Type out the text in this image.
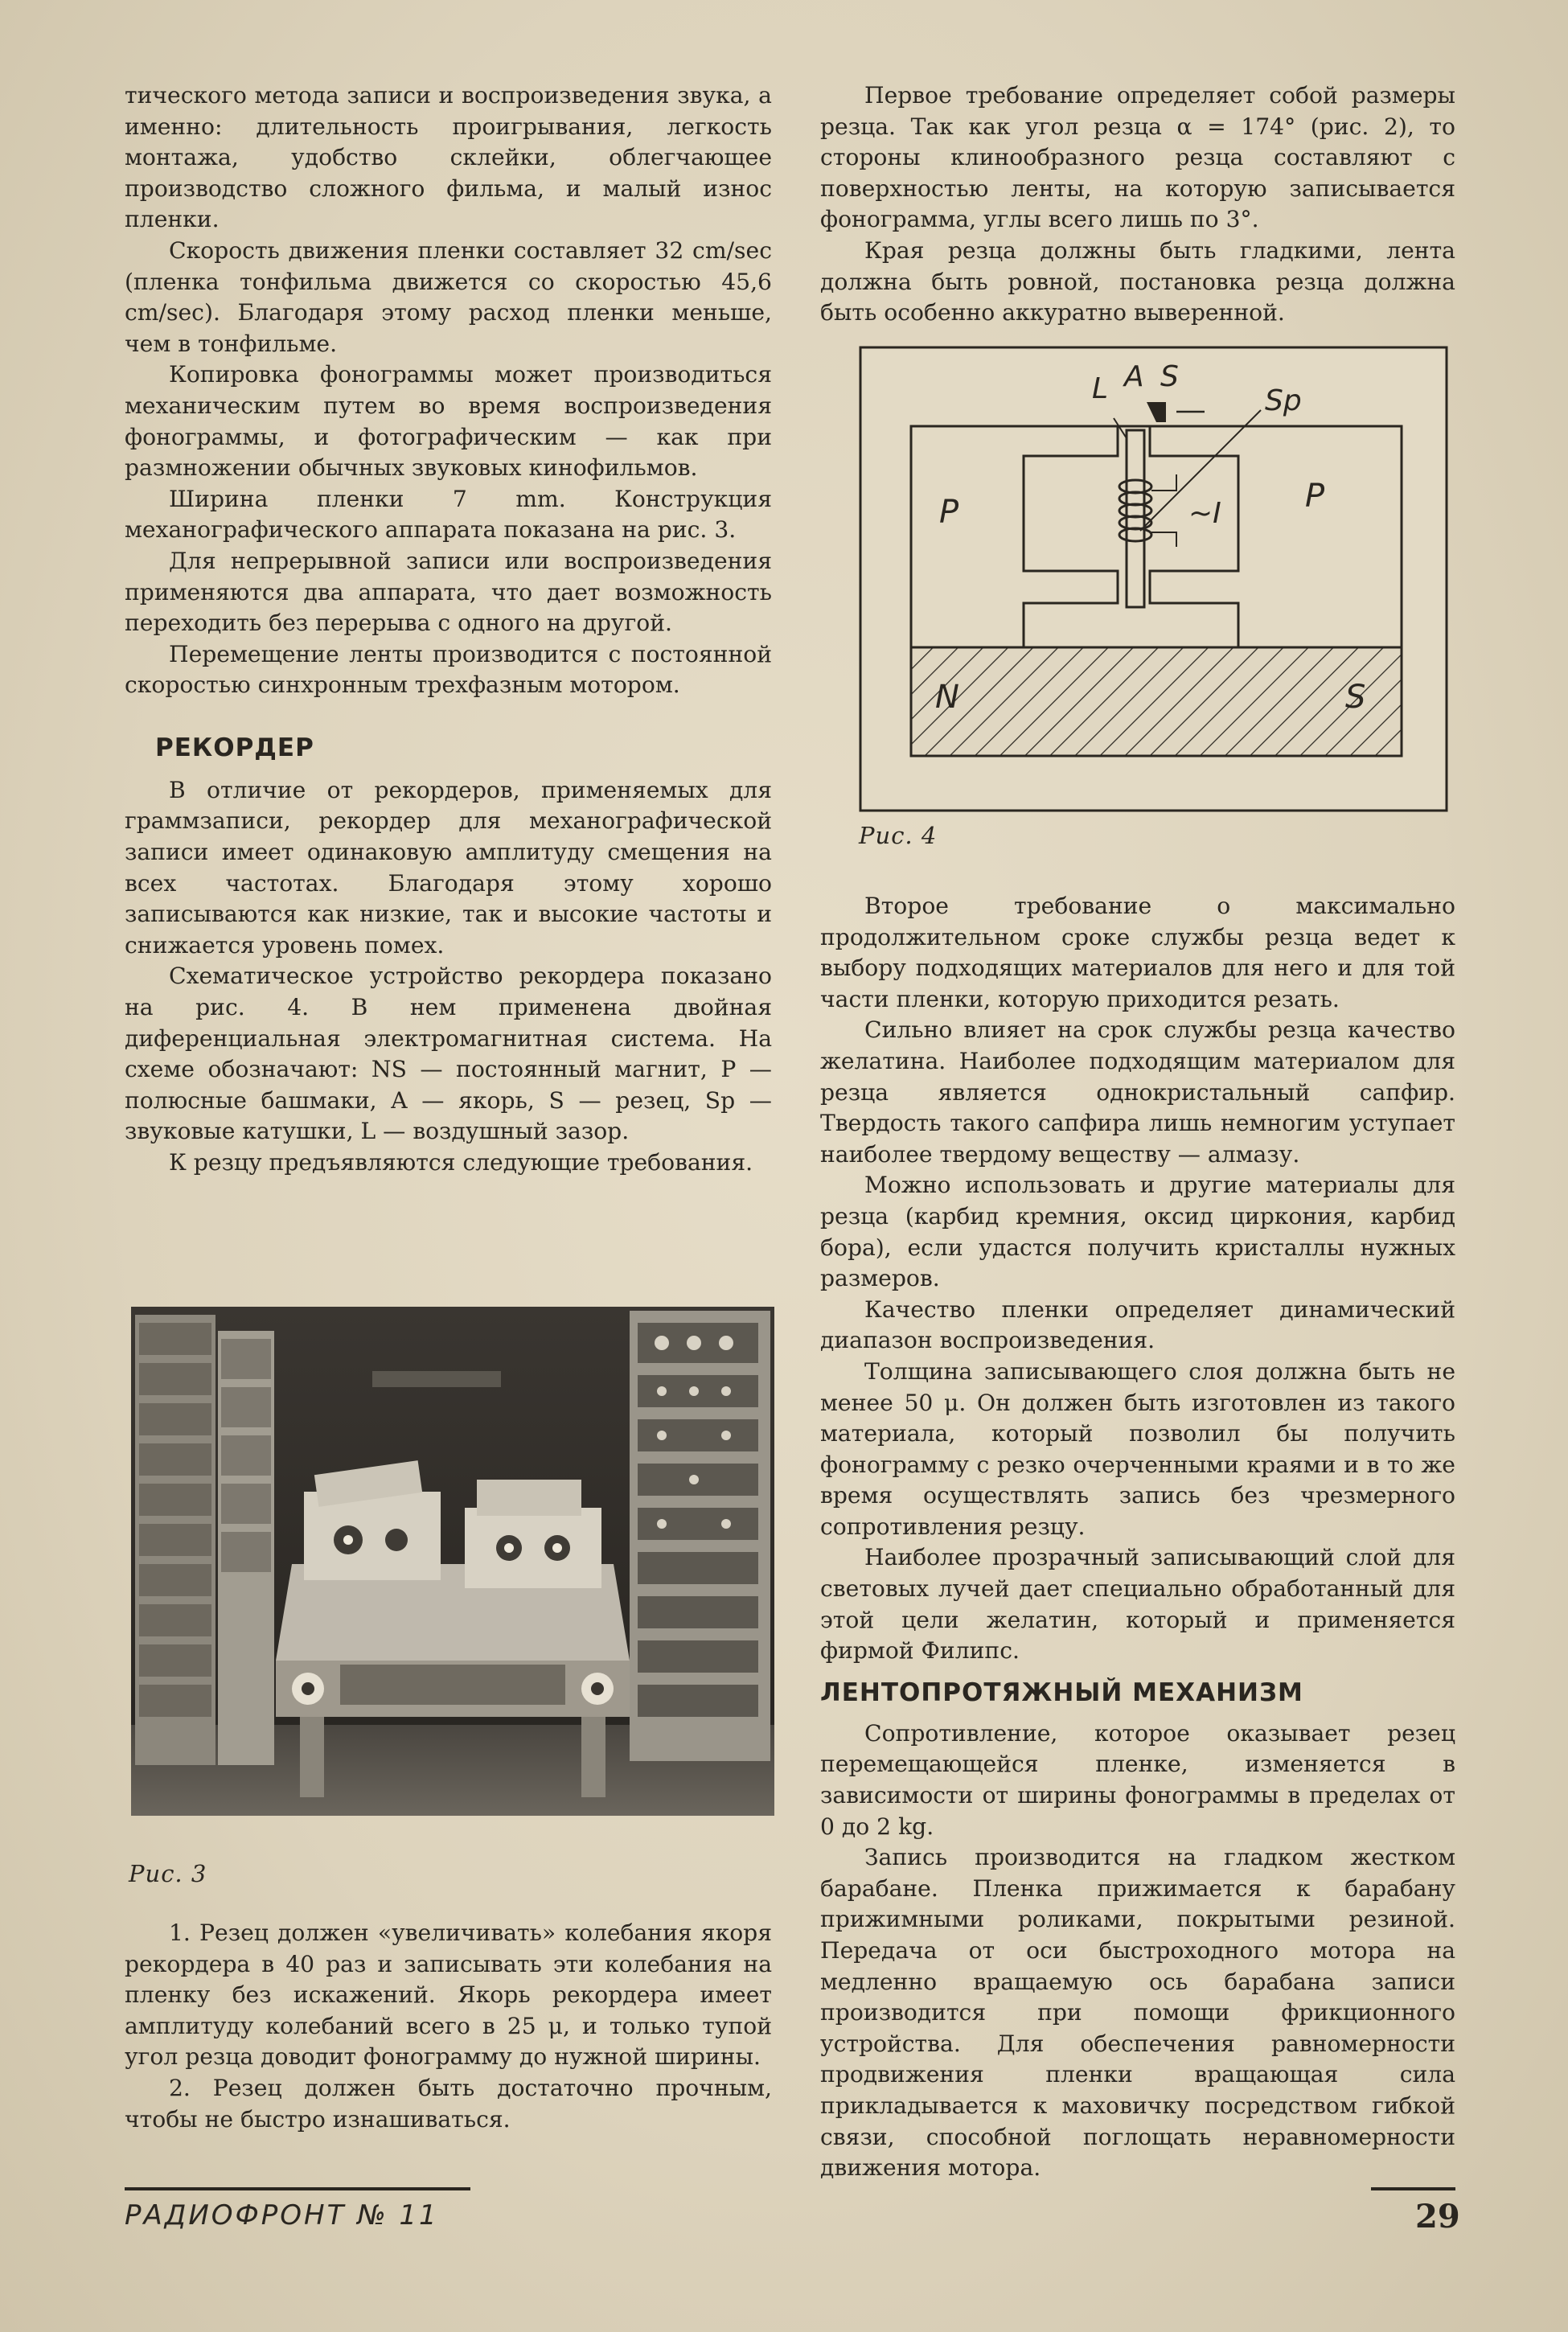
тического метода записи и воспроизведения звука, а именно: длительность проигрывания, легкость монтажа, удобство склейки, облегчающее производство сложного фильма, и малый износ пленки.

Скорость движения пленки составляет 32 cm/sec (пленка тонфильма движется со скоростью 45,6 cm/sec). Благодаря этому расход пленки меньше, чем в тонфильме.

Копировка фонограммы может производиться механическим путем во время воспроизведения фонограммы, и фотографическим — как при размножении обычных звуковых кинофильмов.

Ширина пленки 7 mm. Конструкция механографического аппарата показана на рис. 3.

Для непрерывной записи или воспроизведения применяются два аппарата, что дает возможность переходить без перерыва с одного на другой.

Перемещение ленты производится с постоянной скоростью синхронным трехфазным мотором.

РЕКОРДЕР

В отличие от рекордеров, применяемых для граммзаписи, рекордер для механографической записи имеет одинаковую амплитуду смещения на всех частотах. Благодаря этому хорошо записываются как низкие, так и высокие частоты и снижается уровень помех.

Схематическое устройство рекордера показано на рис. 4. В нем применена двойная диференциальная электромагнитная система. На схеме обозначают: NS — постоянный магнит, P — полюсные башмаки, A — якорь, S — резец, Sp — звуковые катушки, L — воздушный зазор.

К резцу предъявляются следующие требования.

Рис. 3

1. Резец должен «увеличивать» колебания якоря рекордера в 40 раз и записывать эти колебания на пленку без искажений. Якорь рекордера имеет амплитуду колебаний всего в 25 μ, и только тупой угол резца доводит фонограмму до нужной ширины.

2. Резец должен быть достаточно прочным, чтобы не быстро изнашиваться.

Первое требование определяет собой размеры резца. Так как угол резца α = 174° (рис. 2), то стороны клинообразного резца составляют с поверхностью ленты, на которую записывается фонограмма, углы всего лишь по 3°.

Края резца должны быть гладкими, лента должна быть ровной, постановка резца должна быть особенно аккуратно выверенной.

L A S
Sp
P	P
~I
N	S
Рис. 4

Второе требование о максимально продолжительном сроке службы резца ведет к выбору подходящих материалов для него и для той части пленки, которую приходится резать.

Сильно влияет на срок службы резца качество желатина. Наиболее подходящим материалом для резца является однокристальный сапфир. Твердость такого сапфира лишь немногим уступает наиболее твердому веществу — алмазу.

Можно использовать и другие материалы для резца (карбид кремния, оксид циркония, карбид бора), если удастся получить кристаллы нужных размеров.

Качество пленки определяет динамический диапазон воспроизведения.

Толщина записывающего слоя должна быть не менее 50 μ. Он должен быть изготовлен из такого материала, который позволил бы получить фонограмму с резко очерченными краями и в то же время осуществлять запись без чрезмерного сопротивления резцу.

Наиболее прозрачный записывающий слой для световых лучей дает специально обработанный для этой цели желатин, который и применяется фирмой Филипс.

ЛЕНТОПРОТЯЖНЫЙ МЕХАНИЗМ

Сопротивление, которое оказывает резец перемещающейся пленке, изменяется в зависимости от ширины фонограммы в пределах от 0 до 2 kg.

Запись производится на гладком жестком барабане. Пленка прижимается к барабану прижимными роликами, покрытыми резиной. Передача от оси быстроходного мотора на медленно вращаемую ось барабана записи производится при помощи фрикционного устройства. Для обеспечения равномерности продвижения пленки вращающая сила прикладывается к маховичку посредством гибкой связи, способной поглощать неравномерности движения мотора.

РАДИОФРОНТ № 11	29
